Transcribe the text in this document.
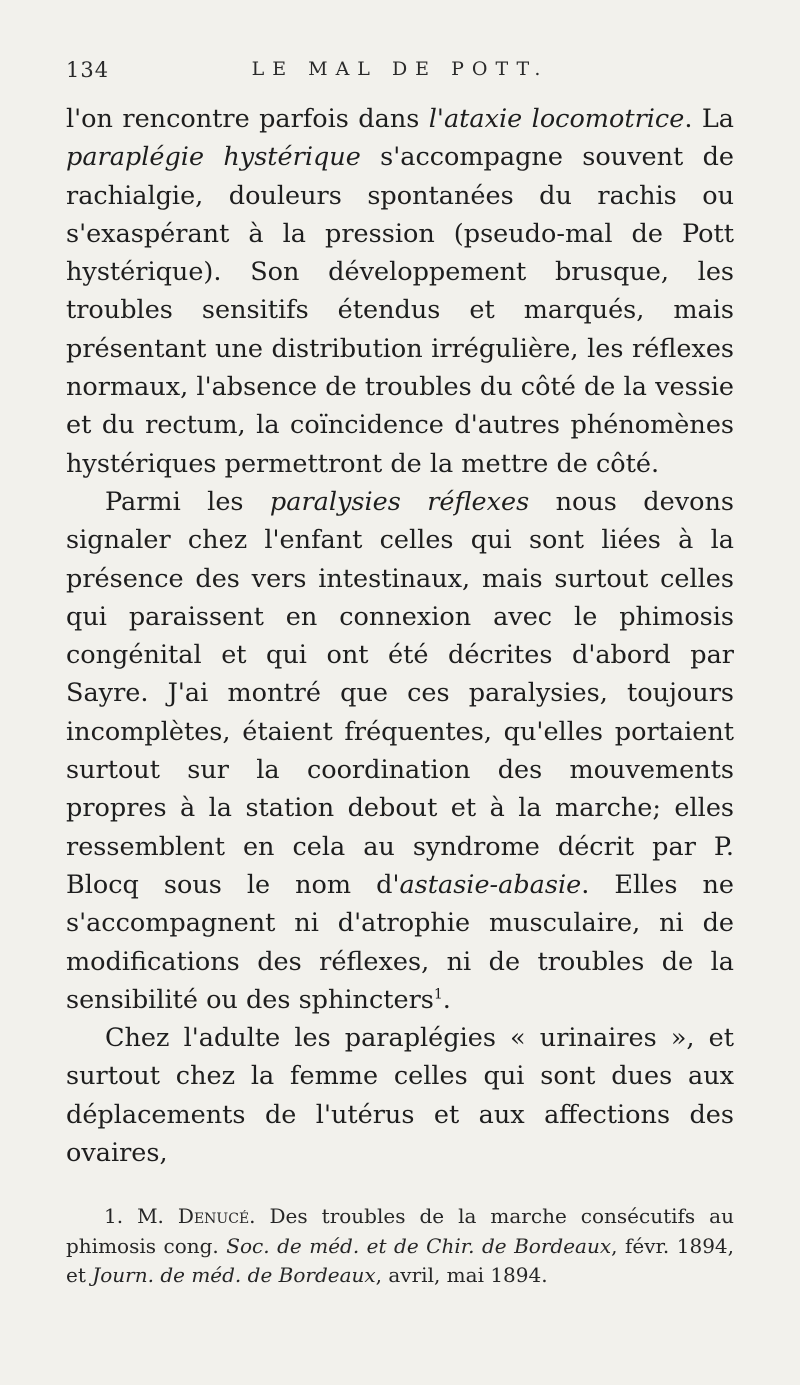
134	LE MAL DE POTT.

l'on rencontre parfois dans l'ataxie locomotrice. La paraplégie hystérique s'accompagne souvent de rachialgie, douleurs spontanées du rachis ou s'exaspérant à la pression (pseudo-mal de Pott hystérique). Son développement brusque, les troubles sensitifs étendus et marqués, mais présentant une distribution irrégulière, les réflexes normaux, l'absence de troubles du côté de la vessie et du rectum, la coïncidence d'autres phénomènes hystériques permettront de la mettre de côté.

Parmi les paralysies réflexes nous devons signaler chez l'enfant celles qui sont liées à la présence des vers intestinaux, mais surtout celles qui paraissent en connexion avec le phimosis congénital et qui ont été décrites d'abord par Sayre. J'ai montré que ces paralysies, toujours incomplètes, étaient fréquentes, qu'elles portaient surtout sur la coordination des mouvements propres à la station debout et à la marche; elles ressemblent en cela au syndrome décrit par P. Blocq sous le nom d'astasie-abasie. Elles ne s'accompagnent ni d'atrophie musculaire, ni de modifications des réflexes, ni de troubles de la sensibilité ou des sphincters$^1$.

Chez l'adulte les paraplégies « urinaires », et surtout chez la femme celles qui sont dues aux déplacements de l'utérus et aux affections des ovaires,

1. M. Denucé. Des troubles de la marche consécutifs au phimosis cong. Soc. de méd. et de Chir. de Bordeaux, févr. 1894, et Journ. de méd. de Bordeaux, avril, mai 1894.
